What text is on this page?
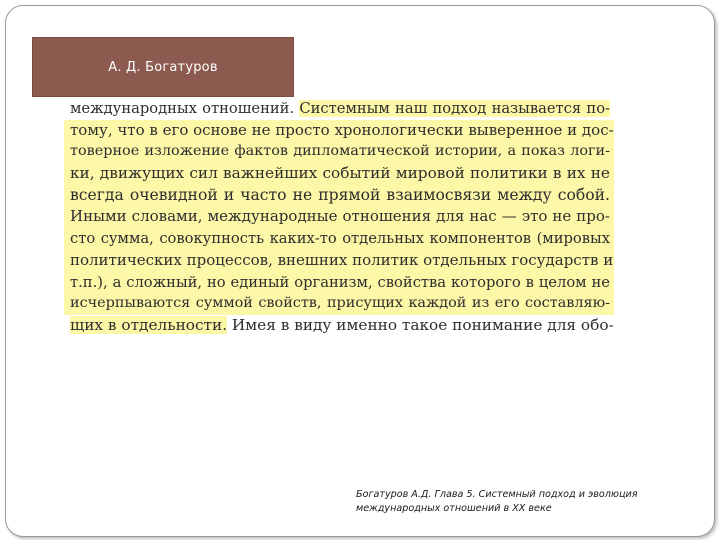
А. Д. Богатуров
международных отношений. Системным наш подход называется по-
тому, что в его основе не просто хронологически выверенное и дос-
товерное изложение фактов дипломатической истории, а показ логи-
ки, движущих сил важнейших событий мировой политики в их не
всегда очевидной и часто не прямой взаимосвязи между собой.
Иными словами, международные отношения для нас — это не про-
сто сумма, совокупность каких-то отдельных компонентов (мировых
политических процессов, внешних политик отдельных государств и
т.п.), а сложный, но единый организм, свойства которого в целом не
исчерпываются суммой свойств, присущих каждой из его составляю-
щих в отдельности. Имея в виду именно такое понимание для обо-
Богатуров А.Д. Глава 5. Системный подход и эволюция
международных отношений в XX веке
